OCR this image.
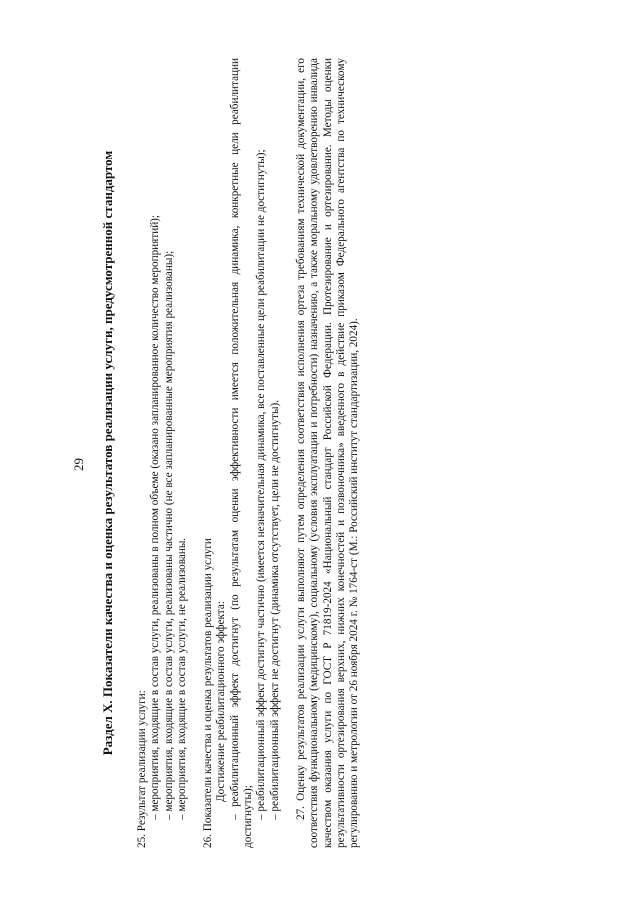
29 Раздел X. Показатели качества и оценка результатов реализации услуги, предусмотренной стандартом

25. Результат реализации услуги: – мероприятия, входящие в состав услуги, реализованы в полном объеме (оказано запланированное количество мероприятий); – мероприятия, входящие в состав услуги, реализованы частично (не все запланированные мероприятия реализованы); – мероприятия, входящие в состав услуги, не реализованы. 26. Показатели качества и оценка результатов реализации услуги Достижение реабилитационного эффекта: – реабилитационный эффект достигнут (по результатам оценки эффективности имеется положительная динамика, конкретные цели реабилитации достигнуты); – реабилитационный эффект достигнут частично (имеется незначительная динамика, все поставленные цели реабилитации не достигнуты); – реабилитационный эффект не достигнут (динамика отсутствует, цели не достигнуты). 27. Оценку результатов реализации услуги выполняют путем определения соответствия исполнения ортеза требованиям технической документации, его соответствия функциональному (медицинскому), социальному (условия эксплуатации и потребности) назначению, а также моральному удовлетворению инвалида качеством оказания услуги по ГОСТ Р 71819-2024 «Национальный стандарт Российской Федерации. Протезирование и ортезирование. Методы оценки результативности ортезирования верхних, нижних конечностей и позвоночника» введенного в действие приказом Федерального агентства по техническому регулированию и метрологии от 26 ноября 2024 г. № 1764-ст (М.: Российский институт стандартизации, 2024).
